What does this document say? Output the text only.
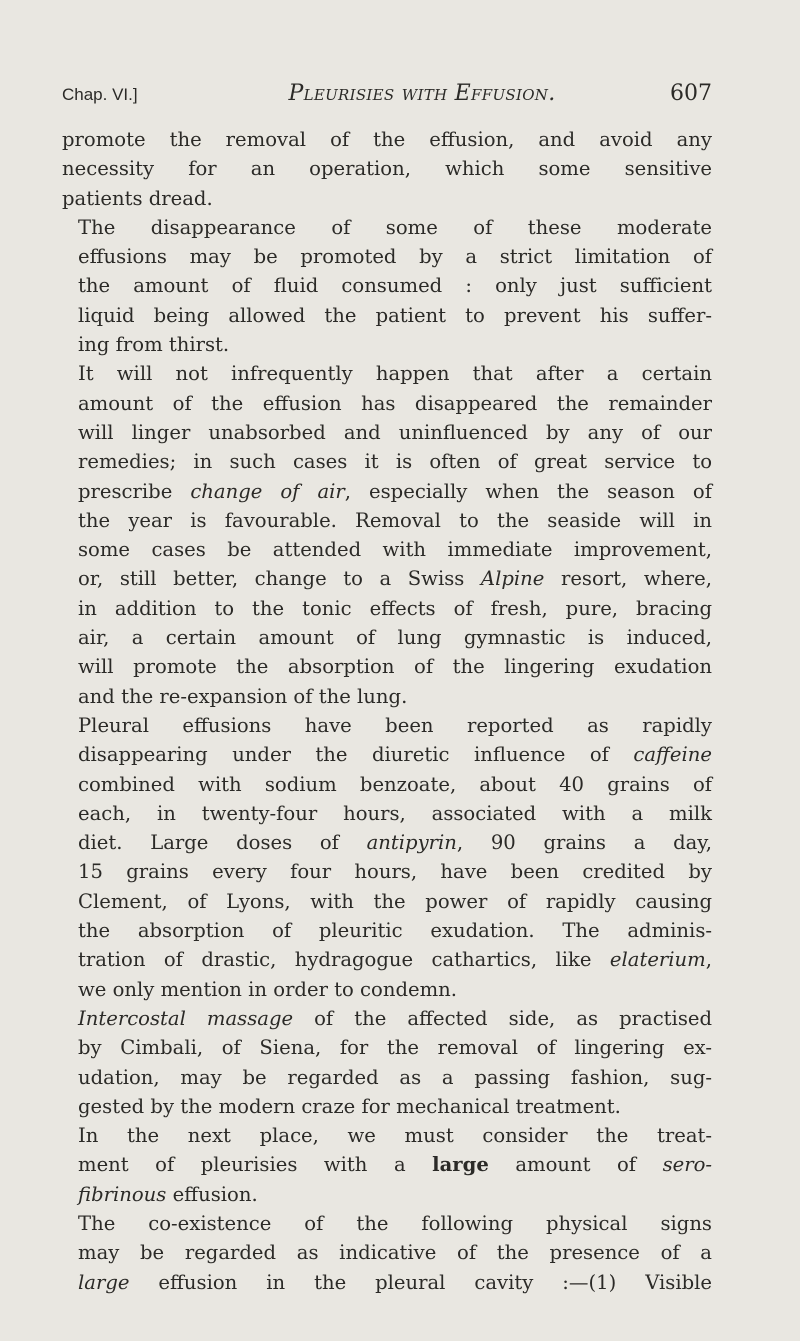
Chap. VI.]	Pleurisies with Effusion.	607

promote the removal of the effusion, and avoid any
necessity for an operation, which some sensitive
patients dread.

The disappearance of some of these moderate
effusions may be promoted by a strict limitation of
the amount of fluid consumed : only just sufficient
liquid being allowed the patient to prevent his suffer-
ing from thirst.

It will not infrequently happen that after a certain
amount of the effusion has disappeared the remainder
will linger unabsorbed and uninfluenced by any of our
remedies; in such cases it is often of great service to
prescribe change of air, especially when the season of
the year is favourable. Removal to the seaside will in
some cases be attended with immediate improvement,
or, still better, change to a Swiss Alpine resort, where,
in addition to the tonic effects of fresh, pure, bracing
air, a certain amount of lung gymnastic is induced,
will promote the absorption of the lingering exudation
and the re-expansion of the lung.

Pleural effusions have been reported as rapidly
disappearing under the diuretic influence of caffeine
combined with sodium benzoate, about 40 grains of
each, in twenty-four hours, associated with a milk
diet. Large doses of antipyrin, 90 grains a day,
15 grains every four hours, have been credited by
Clement, of Lyons, with the power of rapidly causing
the absorption of pleuritic exudation. The adminis-
tration of drastic, hydragogue cathartics, like elaterium,
we only mention in order to condemn.

Intercostal massage of the affected side, as practised
by Cimbali, of Siena, for the removal of lingering ex-
udation, may be regarded as a passing fashion, sug-
gested by the modern craze for mechanical treatment.

In the next place, we must consider the treat-
ment of pleurisies with a large amount of sero-
fibrinous effusion.

The co-existence of the following physical signs
may be regarded as indicative of the presence of a
large effusion in the pleural cavity :—(1) Visible
